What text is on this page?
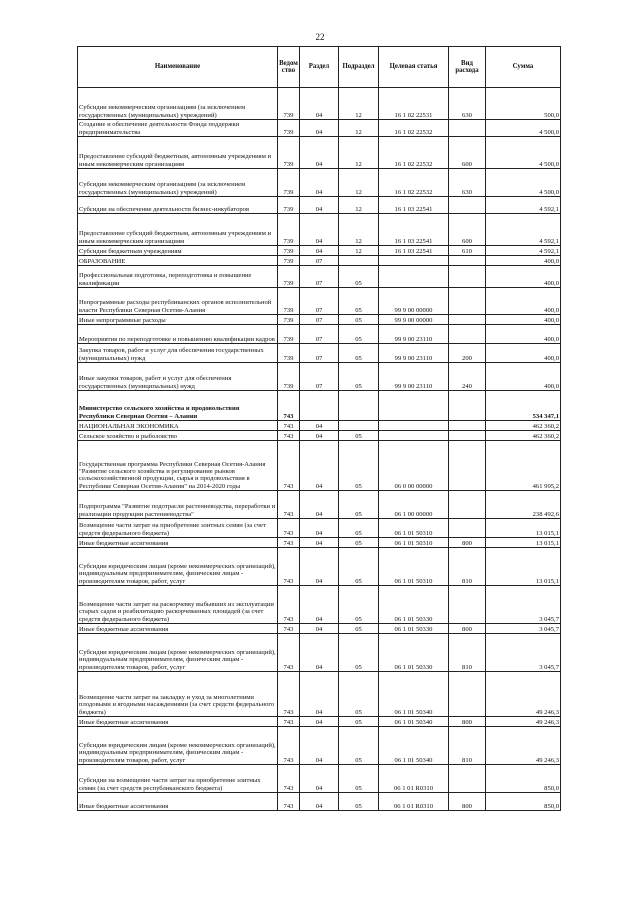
22
Наименование	Ведом ство	Раздел	Подраздел	Целевая статья	Вид расхода	Сумма
Субсидии некоммерческим организациям (за исключением государственных (муниципальных) учреждений)	739	04	12	16 1 02 22531	630	500,0
Создание и обеспечение деятельности Фонда поддержки предпринимательства	739	04	12	16 1 02 22532		4 500,0
Предоставление субсидий бюджетным, автономным учреждениям и иным некоммерческим организациям	739	04	12	16 1 02 22532	600	4 500,0
Субсидии некоммерческим организациям (за исключением государственных (муниципальных) учреждений)	739	04	12	16 1 02 22532	630	4 500,0
Субсидии на обеспечение деятельности бизнес-инкубаторов	739	04	12	16 1 03 22541		4 592,1
Предоставление субсидий бюджетным, автономным учреждениям и иным некоммерческим организациям	739	04	12	16 1 03 22541	600	4 592,1
Субсидии бюджетным учреждениям	739	04	12	16 1 03 22541	610	4 592,1
ОБРАЗОВАНИЕ	739	07				400,0
Профессиональная подготовка, переподготовка и повышение квалификации	739	07	05			400,0
Непрограммные расходы республиканских органов исполнительной власти Республики Северная Осетия-Алания	739	07	05	99 9 00 00000		400,0
Иные непрограммные расходы	739	07	05	99 9 00 00000		400,0
Мероприятия по переподготовке и повышению квалификации кадров	739	07	05	99 9 00 23110		400,0
Закупка товаров, работ и услуг для обеспечения государственных (муниципальных) нужд	739	07	05	99 9 00 23110	200	400,0
Иные закупки товаров, работ и услуг для обеспечения государственных (муниципальных) нужд	739	07	05	99 9 00 23110	240	400,0
Министерство сельского хозяйства и продовольствия Республики Северная Осетия – Алания	743					534 347,1
НАЦИОНАЛЬНАЯ ЭКОНОМИКА	743	04				462 360,2
Сельское хозяйство и рыболовство	743	04	05			462 360,2
Государственная программа Республики Северная Осетия-Алания "Развитие сельского хозяйства и регулирование рынков сельскохозяйственной продукции, сырья и продовольствия в Республике Северная Осетия-Алания" на 2014-2020 годы	743	04	05	06 0 00 00000		461 995,2
Подпрограмма "Развитие подотрасли растениеводства, переработки и реализации продукции растениеводства"	743	04	05	06 1 00 00000		238 492,6
Возмещение части затрат на приобретение элитных семян (за счет средств федерального бюджета)	743	04	05	06 1 01 50310		13 015,1
Иные бюджетные ассигнования	743	04	05	06 1 01 50310	800	13 015,1
Субсидии юридическим лицам (кроме некоммерческих организаций), индивидуальным предпринимателям, физическим лицам - производителям товаров, работ, услуг	743	04	05	06 1 01 50310	810	13 015,1
Возмещение части затрат на раскорчевку выбывших из эксплуатации старых садов и реабилитацию раскорчеванных площадей (за счет средств федерального бюджета)	743	04	05	06 1 01 50330		3 045,7
Иные бюджетные ассигнования	743	04	05	06 1 01 50330	800	3 045,7
Субсидии юридическим лицам (кроме некоммерческих организаций), индивидуальным предпринимателям, физическим лицам - производителям товаров, работ, услуг	743	04	05	06 1 01 50330	810	3 045,7
Возмещение части затрат на закладку и уход за многолетними плодовыми и ягодными насаждениями (за счет средств федерального бюджета)	743	04	05	06 1 01 50340		49 246,3
Иные бюджетные ассигнования	743	04	05	06 1 01 50340	800	49 246,3
Субсидии юридическим лицам (кроме некоммерческих организаций), индивидуальным предпринимателям, физическим лицам - производителям товаров, работ, услуг	743	04	05	06 1 01 50340	810	49 246,3
Субсидии на возмещение части затрат на приобретение элитных семян (за счет средств республиканского бюджета)	743	04	05	06 1 01 R0310		850,0
Иные бюджетные ассигнования	743	04	05	06 1 01 R0310	800	850,0
